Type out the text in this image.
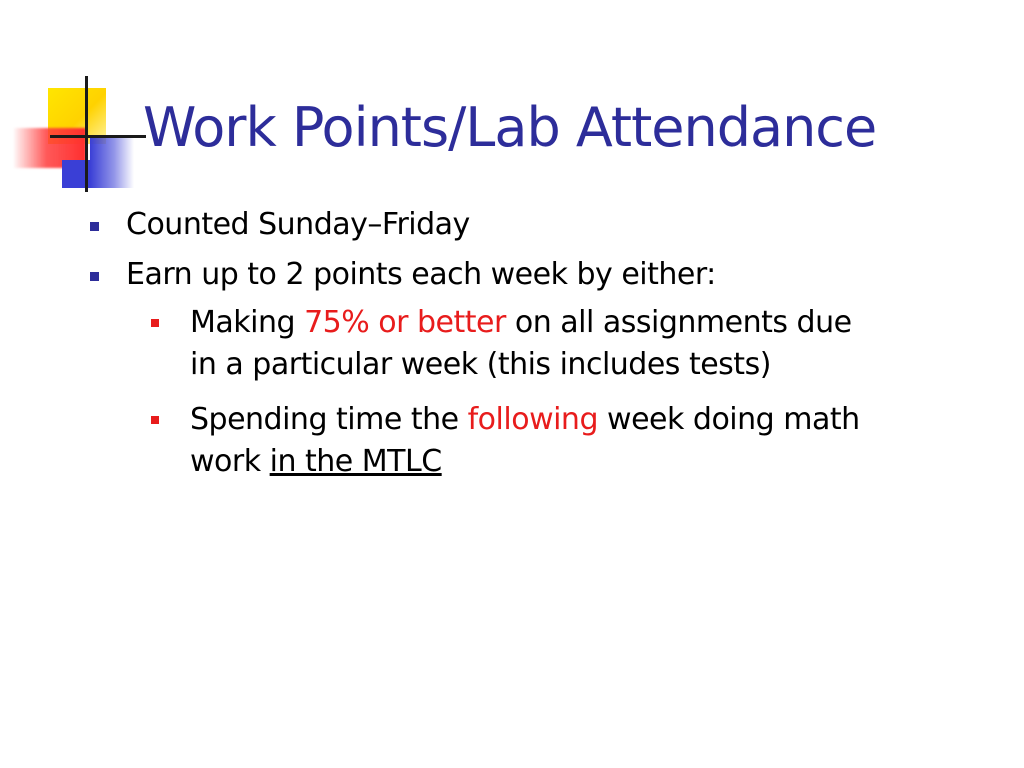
Work Points/Lab Attendance
Counted Sunday–Friday
Earn up to 2 points each week by either:
Making 75% or better on all assignments due in a particular week (this includes tests)
Spending time the following week doing math work in the MTLC
